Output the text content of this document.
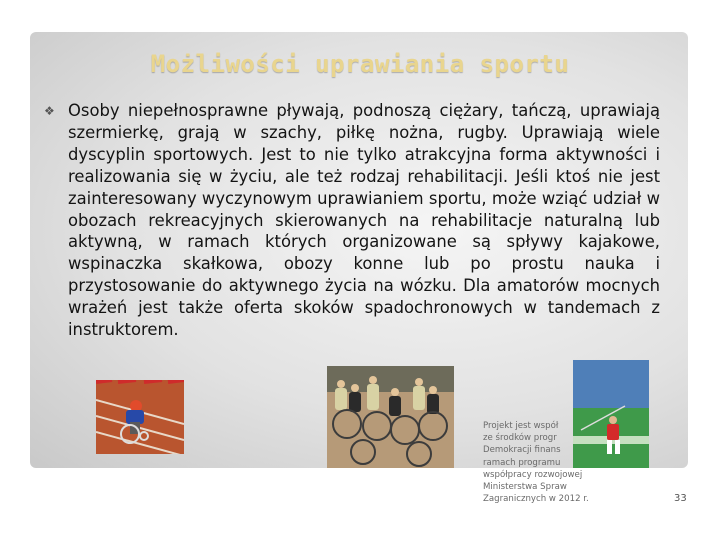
Możliwości uprawiania sportu
❖ Osoby niepełnosprawne pływają, podnoszą ciężary, tańczą, uprawiają szermierkę, grają w szachy, piłkę nożna, rugby. Uprawiają wiele dyscyplin sportowych. Jest to nie tylko atrakcyjna forma aktywności i realizowania się w życiu, ale też rodzaj rehabilitacji. Jeśli ktoś nie jest zainteresowany wyczynowym uprawianiem sportu, może wziąć udział w obozach rekreacyjnych skierowanych na rehabilitacje naturalną lub aktywną, w ramach których organizowane są spływy kajakowe, wspinaczka skałkowa, obozy konne lub po prostu nauka i przystosowanie do aktywnego życia na wózku. Dla amatorów mocnych wrażeń jest także oferta skoków spadochronowych w tandemach z instruktorem.
Projekt jest współ
ze środków progr
Demokracji finans
ramach programu
współpracy rozwojowej
Ministerstwa Spraw
Zagranicznych w 2012 r.	33
